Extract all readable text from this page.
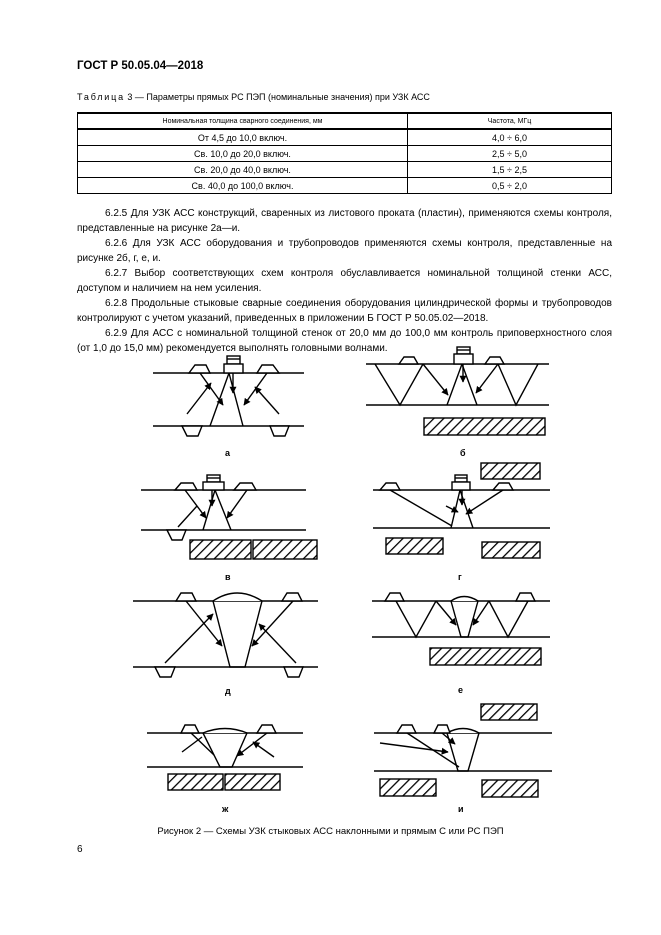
ГОСТ Р 50.05.04—2018
Таблица 3 — Параметры прямых РС ПЭП (номинальные значения) при УЗК АСС
Номинальная толщина сварного соединения, мм	Частота, МГц
От 4,5 до 10,0 включ.	4,0 ÷ 6,0
Св. 10,0 до 20,0 включ.	2,5 ÷ 5,0
Св. 20,0 до 40,0 включ.	1,5 ÷ 2,5
Св. 40,0 до 100,0 включ.	0,5 ÷ 2,0

6.2.5 Для УЗК АСС конструкций, сваренных из листового проката (пластин), применяются схемы контроля, представленные на рисунке 2а—и.

6.2.6 Для УЗК АСС оборудования и трубопроводов применяются схемы контроля, представленные на рисунке 2б, г, е, и.

6.2.7 Выбор соответствующих схем контроля обуславливается номинальной толщиной стенки АСС, доступом и наличием на нем усиления.

6.2.8 Продольные стыковые сварные соединения оборудования цилиндрической формы и трубопроводов контролируют с учетом указаний, приведенных в приложении Б ГОСТ Р 50.05.02—2018.

6.2.9 Для АСС с номинальной толщиной стенок от 20,0 мм до 100,0 мм контроль приповерхностного слоя (от 1,0 до 15,0 мм) рекомендуется выполнять головными волнами.

а	б
в	г
д	е
ж	и
Рисунок 2 — Схемы УЗК стыковых АСС наклонными и прямым С или РС ПЭП
6
